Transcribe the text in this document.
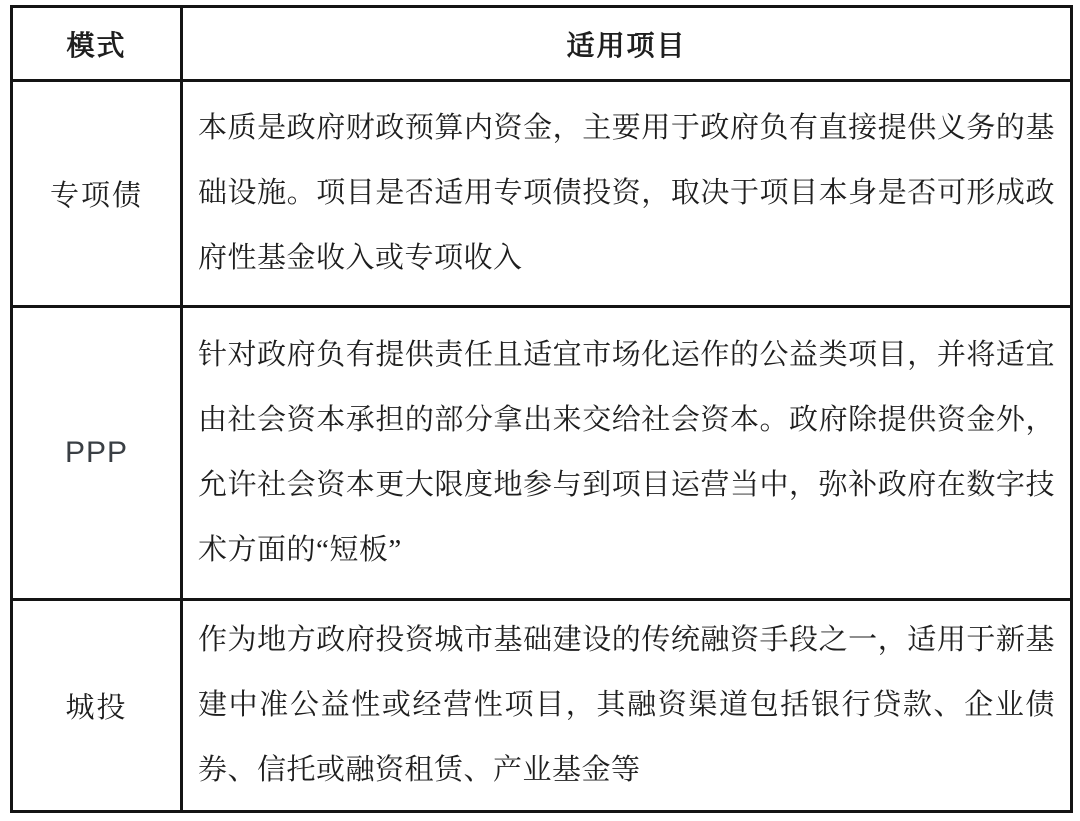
模式	适用项目
专项债	本质是政府财政预算内资金，主要用于政府负有直接提供义务的基础设施。项目是否适用专项债投资，取决于项目本身是否可形成政府性基金收入或专项收入
PPP	针对政府负有提供责任且适宜市场化运作的公益类项目，并将适宜由社会资本承担的部分拿出来交给社会资本。政府除提供资金外，允许社会资本更大限度地参与到项目运营当中，弥补政府在数字技术方面的“短板”
城投	作为地方政府投资城市基础建设的传统融资手段之一，适用于新基建中准公益性或经营性项目，其融资渠道包括银行贷款、企业债券、信托或融资租赁、产业基金等
